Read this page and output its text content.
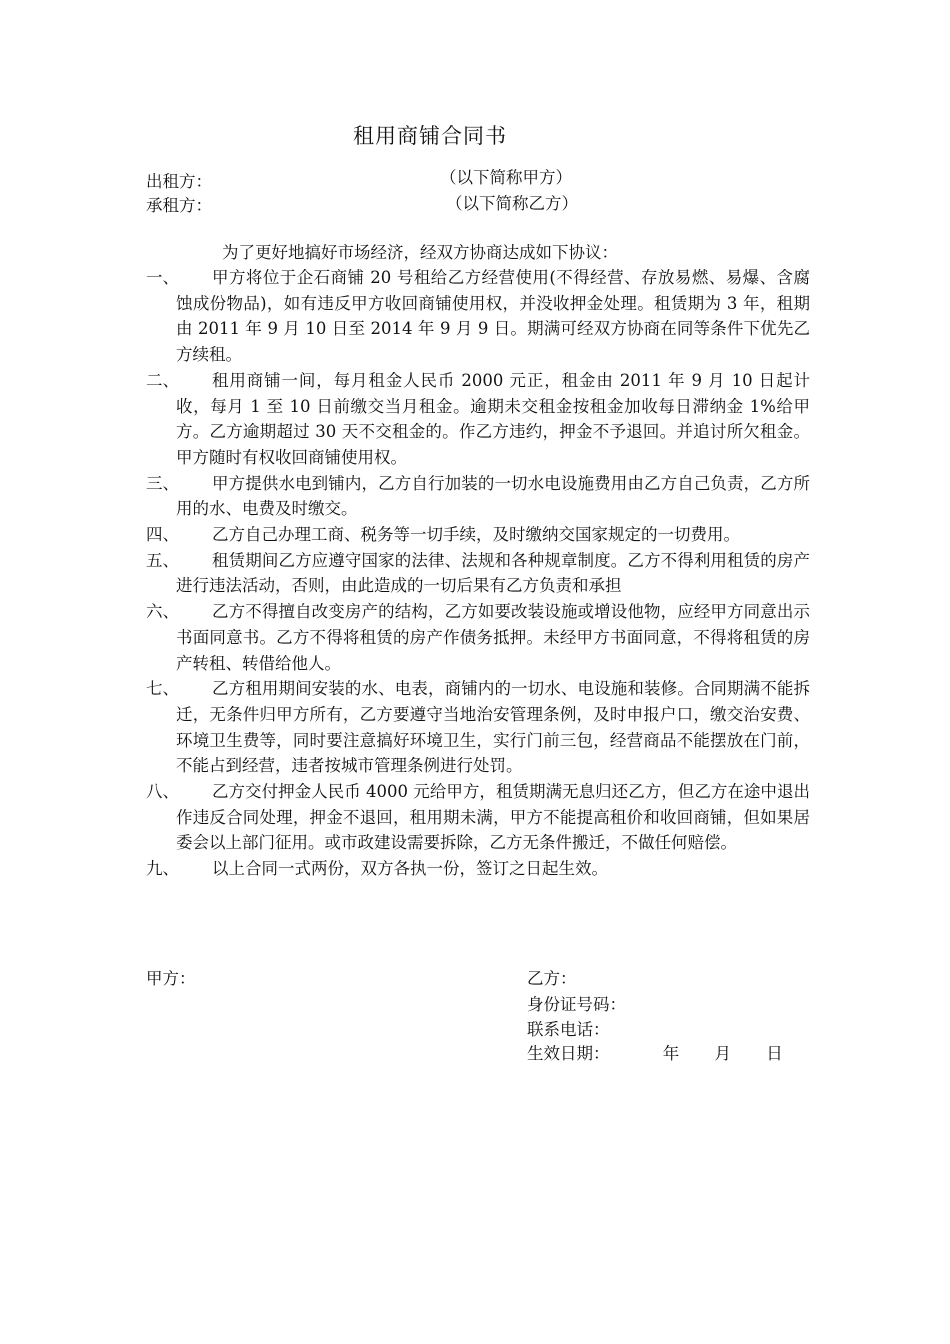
租用商铺合同书
出租方：	（以下简称甲方）
承租方：	（以下简称乙方）
为了更好地搞好市场经济，经双方协商达成如下协议：
一、	甲方将位于企石商铺 20 号租给乙方经营使用(不得经营、存放易燃、易爆、含腐蚀成份物品)，如有违反甲方收回商铺使用权，并没收押金处理。租赁期为 3 年，租期由 2011 年 9 月 10 日至 2014 年 9 月 9 日。期满可经双方协商在同等条件下优先乙方续租。
二、	租用商铺一间，每月租金人民币 2000 元正，租金由 2011 年 9 月 10 日起计收，每月 1 至 10 日前缴交当月租金。逾期未交租金按租金加收每日滞纳金 1%给甲方。乙方逾期超过 30 天不交租金的。作乙方违约，押金不予退回。并追讨所欠租金。甲方随时有权收回商铺使用权。
三、	甲方提供水电到铺内，乙方自行加装的一切水电设施费用由乙方自己负责，乙方所用的水、电费及时缴交。
四、	乙方自己办理工商、税务等一切手续，及时缴纳交国家规定的一切费用。
五、	租赁期间乙方应遵守国家的法律、法规和各种规章制度。乙方不得利用租赁的房产进行违法活动，否则，由此造成的一切后果有乙方负责和承担
六、	乙方不得擅自改变房产的结构，乙方如要改装设施或增设他物，应经甲方同意出示书面同意书。乙方不得将租赁的房产作债务抵押。未经甲方书面同意，不得将租赁的房产转租、转借给他人。
七、	乙方租用期间安装的水、电表，商铺内的一切水、电设施和装修。合同期满不能拆迁，无条件归甲方所有，乙方要遵守当地治安管理条例，及时申报户口，缴交治安费、环境卫生费等，同时要注意搞好环境卫生，实行门前三包，经营商品不能摆放在门前，不能占到经营，违者按城市管理条例进行处罚。
八、	乙方交付押金人民币 4000 元给甲方，租赁期满无息归还乙方，但乙方在途中退出作违反合同处理，押金不退回，租用期未满，甲方不能提高租价和收回商铺，但如果居委会以上部门征用。或市政建设需要拆除，乙方无条件搬迁，不做任何赔偿。
九、	以上合同一式两份，双方各执一份，签订之日起生效。
甲方：	乙方：
身份证号码：
联系电话：
生效日期：	年 月 日
